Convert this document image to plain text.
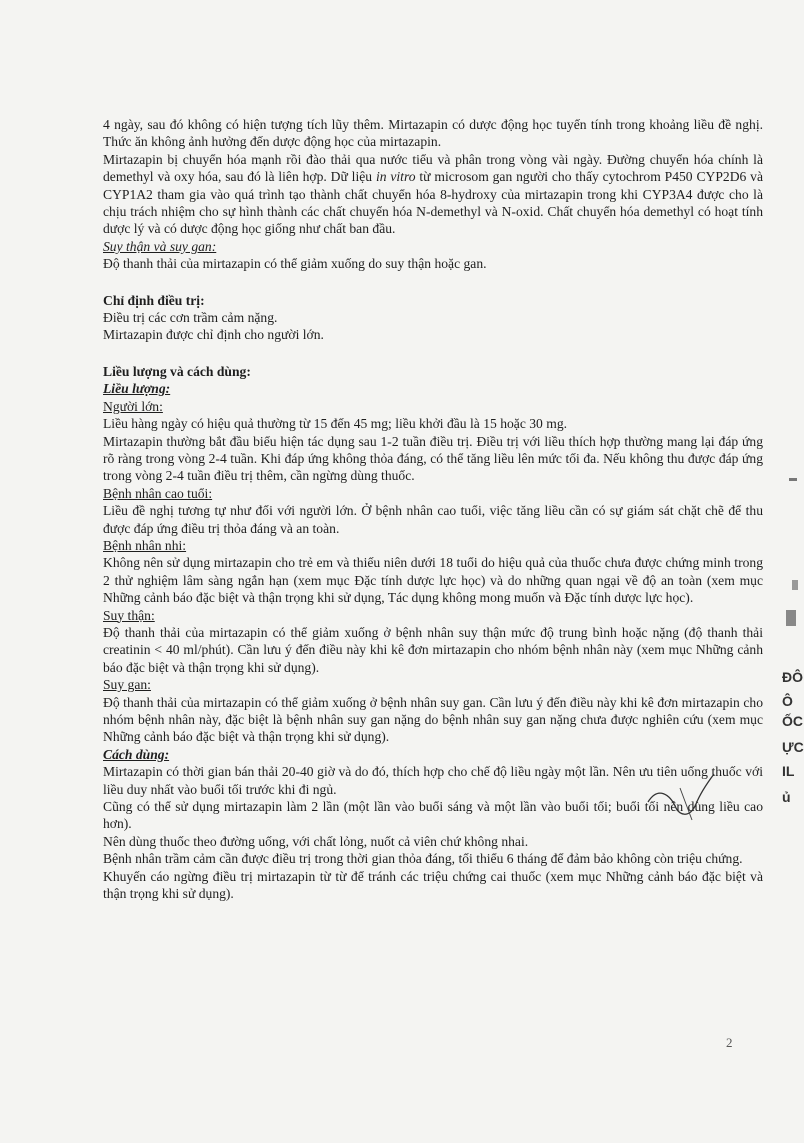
4 ngày, sau đó không có hiện tượng tích lũy thêm. Mirtazapin có dược động học tuyến tính trong khoảng liều đề nghị. Thức ăn không ảnh hưởng đến dược động học của mirtazapin.

Mirtazapin bị chuyển hóa mạnh rồi đào thải qua nước tiểu và phân trong vòng vài ngày. Đường chuyển hóa chính là demethyl và oxy hóa, sau đó là liên hợp. Dữ liệu in vitro từ microsom gan người cho thấy cytochrom P450 CYP2D6 và CYP1A2 tham gia vào quá trình tạo thành chất chuyển hóa 8-hydroxy của mirtazapin trong khi CYP3A4 được cho là chịu trách nhiệm cho sự hình thành các chất chuyển hóa N-demethyl và N-oxid. Chất chuyển hóa demethyl có hoạt tính dược lý và có dược động học giống như chất ban đầu.

Suy thận và suy gan:

Độ thanh thải của mirtazapin có thể giảm xuống do suy thận hoặc gan.

Chỉ định điều trị:

Điều trị các cơn trầm cảm nặng.

Mirtazapin được chỉ định cho người lớn.

Liều lượng và cách dùng:

Liều lượng:

Người lớn:

Liều hàng ngày có hiệu quả thường từ 15 đến 45 mg; liều khởi đầu là 15 hoặc 30 mg.

Mirtazapin thường bắt đầu biểu hiện tác dụng sau 1-2 tuần điều trị. Điều trị với liều thích hợp thường mang lại đáp ứng rõ ràng trong vòng 2-4 tuần. Khi đáp ứng không thỏa đáng, có thể tăng liều lên mức tối đa. Nếu không thu được đáp ứng trong vòng 2-4 tuần điều trị thêm, cần ngừng dùng thuốc.

Bệnh nhân cao tuổi:

Liều đề nghị tương tự như đối với người lớn. Ở bệnh nhân cao tuổi, việc tăng liều cần có sự giám sát chặt chẽ để thu được đáp ứng điều trị thỏa đáng và an toàn.

Bệnh nhân nhi:

Không nên sử dụng mirtazapin cho trẻ em và thiếu niên dưới 18 tuổi do hiệu quả của thuốc chưa được chứng minh trong 2 thử nghiệm lâm sàng ngắn hạn (xem mục Đặc tính dược lực học) và do những quan ngại về độ an toàn (xem mục Những cảnh báo đặc biệt và thận trọng khi sử dụng, Tác dụng không mong muốn và Đặc tính dược lực học).

Suy thận:

Độ thanh thải của mirtazapin có thể giảm xuống ở bệnh nhân suy thận mức độ trung bình hoặc nặng (độ thanh thải creatinin < 40 ml/phút). Cần lưu ý đến điều này khi kê đơn mirtazapin cho nhóm bệnh nhân này (xem mục Những cảnh báo đặc biệt và thận trọng khi sử dụng).

Suy gan:

Độ thanh thải của mirtazapin có thể giảm xuống ở bệnh nhân suy gan. Cần lưu ý đến điều này khi kê đơn mirtazapin cho nhóm bệnh nhân này, đặc biệt là bệnh nhân suy gan nặng do bệnh nhân suy gan nặng chưa được nghiên cứu (xem mục Những cảnh báo đặc biệt và thận trọng khi sử dụng).

Cách dùng:

Mirtazapin có thời gian bán thải 20-40 giờ và do đó, thích hợp cho chế độ liều ngày một lần. Nên ưu tiên uống thuốc với liều duy nhất vào buổi tối trước khi đi ngủ.

Cũng có thể sử dụng mirtazapin làm 2 lần (một lần vào buổi sáng và một lần vào buổi tối; buổi tối nên dùng liều cao hơn).

Nên dùng thuốc theo đường uống, với chất lỏng, nuốt cả viên chứ không nhai.

Bệnh nhân trầm cảm cần được điều trị trong thời gian thỏa đáng, tối thiểu 6 tháng để đảm bảo không còn triệu chứng.

Khuyến cáo ngừng điều trị mirtazapin từ từ để tránh các triệu chứng cai thuốc (xem mục Những cảnh báo đặc biệt và thận trọng khi sử dụng).

2
ĐÔ
Ô
ỐC
ỰC
ΙL
ủ
